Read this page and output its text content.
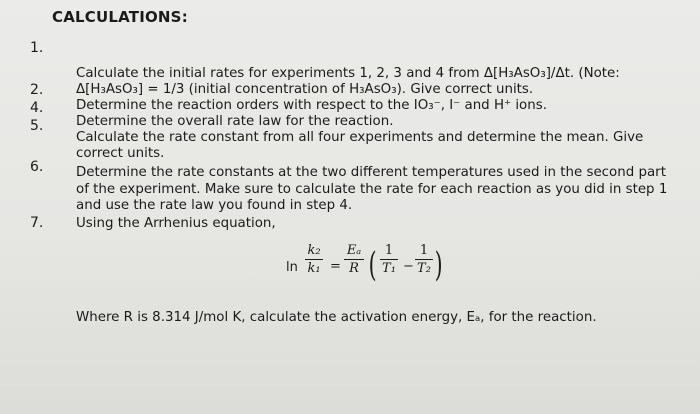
CALCULATIONS:
1.
Calculate the initial rates for experiments 1, 2, 3 and 4 from Δ[H₃AsO₃]/Δt. (Note:
Δ[H₃AsO₃] = 1/3 (initial concentration of H₃AsO₃). Give correct units.
2.
Determine the reaction orders with respect to the IO₃⁻, I⁻ and H⁺ ions.
4.
Determine the overall rate law for the reaction.
5.
Calculate the rate constant from all four experiments and determine the mean. Give
correct units.
6.	Determine the rate constants at the two different temperatures used in the second part
of the experiment. Make sure to calculate the rate for each reaction as you did in step 1
and use the rate law you found in step 4.
7.	Using the Arrhenius equation,
ln
k₂
k₁ =
Eₐ
R ( 1
T₁ −
1
T₂ )
Where R is 8.314 J/mol K, calculate the activation energy, Eₐ, for the reaction.
